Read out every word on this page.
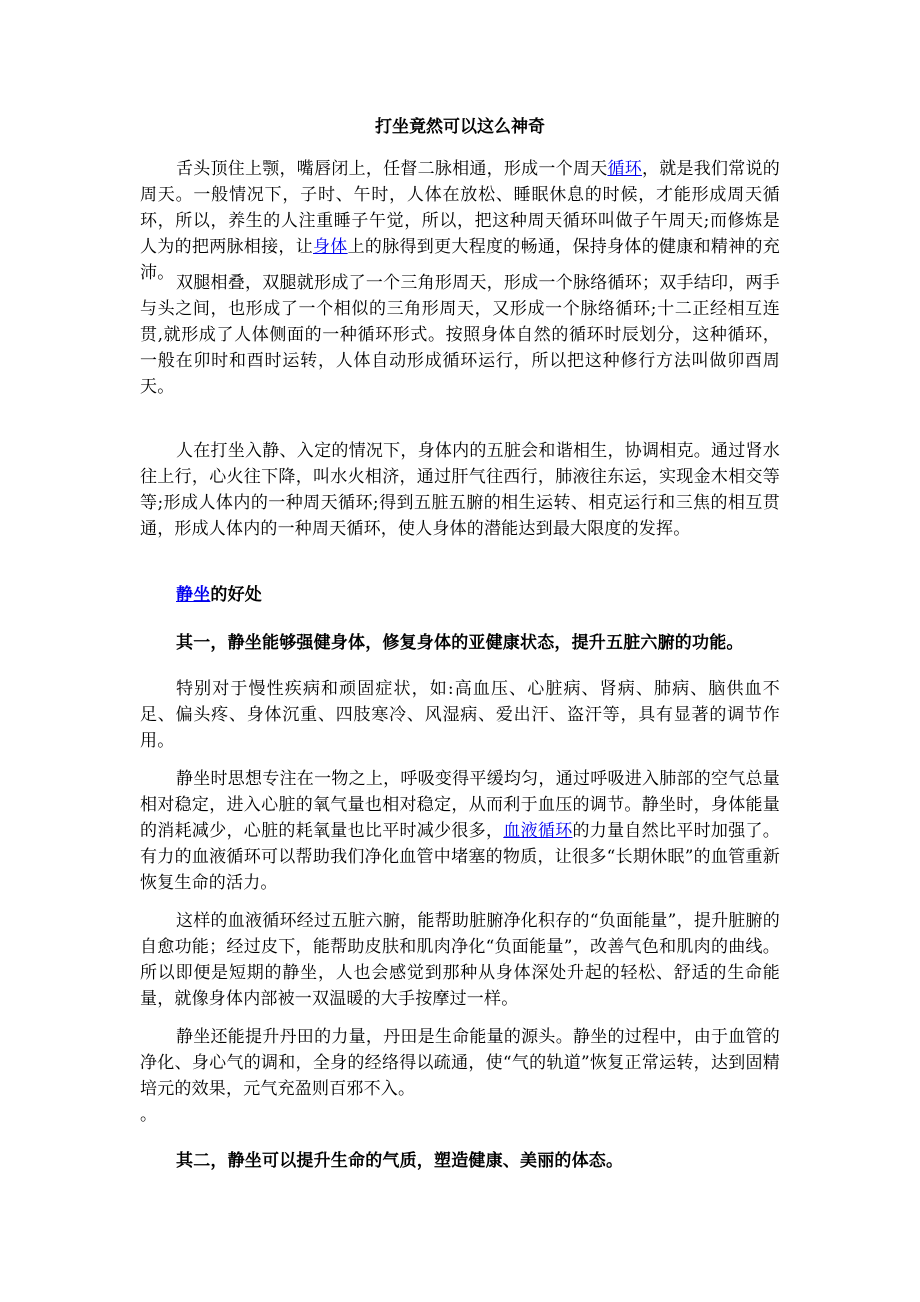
打坐竟然可以这么神奇
舌头顶住上颚，嘴唇闭上，任督二脉相通，形成一个周天循环，就是我们常说的周天。一般情况下，子时、午时，人体在放松、睡眠休息的时候，才能形成周天循环，所以，养生的人注重睡子午觉，所以，把这种周天循环叫做子午周天;而修炼是人为的把两脉相接，让身体上的脉得到更大程度的畅通，保持身体的健康和精神的充沛。 双腿相叠，双腿就形成了一个三角形周天，形成一个脉络循环；双手结印，两手与头之间，也形成了一个相似的三角形周天，又形成一个脉络循环;十二正经相互连贯,就形成了人体侧面的一种循环形式。按照身体自然的循环时辰划分，这种循环，一般在卯时和酉时运转，人体自动形成循环运行，所以把这种修行方法叫做卯酉周天。
人在打坐入静、入定的情况下，身体内的五脏会和谐相生，协调相克。通过肾水往上行，心火往下降，叫水火相济，通过肝气往西行，肺液往东运，实现金木相交等等;形成人体内的一种周天循环;得到五脏五腑的相生运转、相克运行和三焦的相互贯通，形成人体内的一种周天循环，使人身体的潜能达到最大限度的发挥。
静坐的好处
其一，静坐能够强健身体，修复身体的亚健康状态，提升五脏六腑的功能。
特别对于慢性疾病和顽固症状，如:高血压、心脏病、肾病、肺病、脑供血不足、偏头疼、身体沉重、四肢寒冷、风湿病、爱出汗、盗汗等，具有显著的调节作用。
静坐时思想专注在一物之上，呼吸变得平缓均匀，通过呼吸进入肺部的空气总量相对稳定，进入心脏的氧气量也相对稳定，从而利于血压的调节。静坐时，身体能量的消耗减少，心脏的耗氧量也比平时减少很多，血液循环的力量自然比平时加强了。有力的血液循环可以帮助我们净化血管中堵塞的物质，让很多“长期休眠”的血管重新恢复生命的活力。
这样的血液循环经过五脏六腑，能帮助脏腑净化积存的“负面能量”，提升脏腑的自愈功能；经过皮下，能帮助皮肤和肌肉净化“负面能量”，改善气色和肌肉的曲线。所以即便是短期的静坐，人也会感觉到那种从身体深处升起的轻松、舒适的生命能量，就像身体内部被一双温暖的大手按摩过一样。
静坐还能提升丹田的力量，丹田是生命能量的源头。静坐的过程中，由于血管的净化、身心气的调和，全身的经络得以疏通，使“气的轨道”恢复正常运转，达到固精培元的效果，元气充盈则百邪不入。
。
其二，静坐可以提升生命的气质，塑造健康、美丽的体态。
